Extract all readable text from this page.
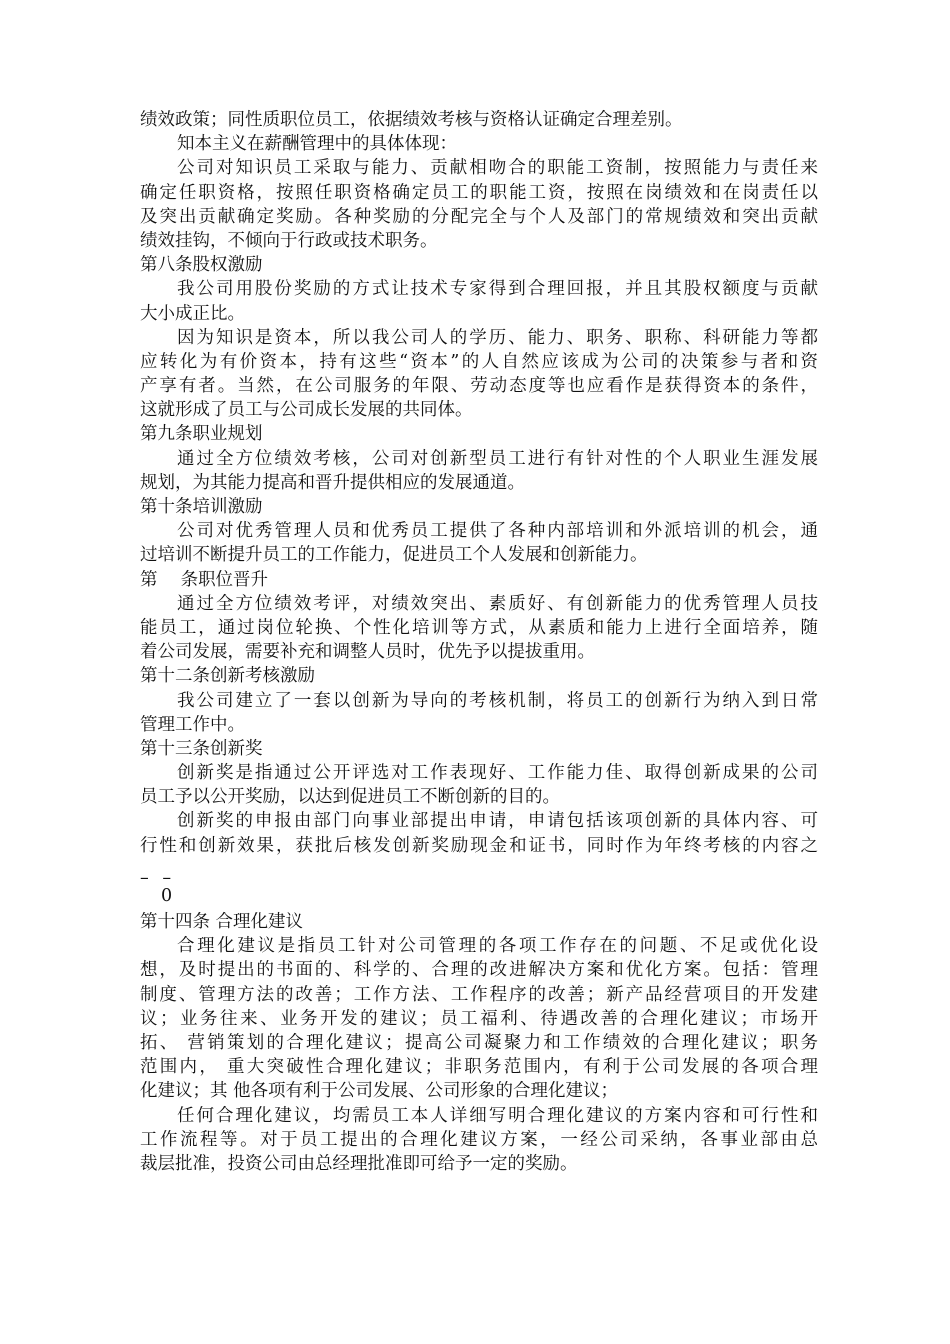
绩效政策；同性质职位员工，依据绩效考核与资格认证确定合理差别。
知本主义在薪酬管理中的具体体现：
公司对知识员工采取与能力、贡献相吻合的职能工资制，按照能力与责任来
确定任职资格，按照任职资格确定员工的职能工资，按照在岗绩效和在岗责任以
及突出贡献确定奖励。各种奖励的分配完全与个人及部门的常规绩效和突出贡献
绩效挂钩，不倾向于行政或技术职务。
第八条股权激励
我公司用股份奖励的方式让技术专家得到合理回报，并且其股权额度与贡献
大小成正比。
因为知识是资本，所以我公司人的学历、能力、职务、职称、科研能力等都
应转化为有价资本，持有这些“资本”的人自然应该成为公司的决策参与者和资
产享有者。当然，在公司服务的年限、劳动态度等也应看作是获得资本的条件，
这就形成了员工与公司成长发展的共同体。
第九条职业规划
通过全方位绩效考核，公司对创新型员工进行有针对性的个人职业生涯发展
规划，为其能力提高和晋升提供相应的发展通道。
第十条培训激励
公司对优秀管理人员和优秀员工提供了各种内部培训和外派培训的机会，通
过培训不断提升员工的工作能力，促进员工个人发展和创新能力。
第　 条职位晋升
通过全方位绩效考评，对绩效突出、素质好、有创新能力的优秀管理人员技
能员工，通过岗位轮换、个性化培训等方式，从素质和能力上进行全面培养，随
着公司发展，需要补充和调整人员时，优先予以提拔重用。
第十二条创新考核激励
我公司建立了一套以创新为导向的考核机制，将员工的创新行为纳入到日常
管理工作中。
第十三条创新奖
创新奖是指通过公开评选对工作表现好、工作能力佳、取得创新成果的公司
员工予以公开奖励，以达到促进员工不断创新的目的。
创新奖的申报由部门向事业部提出申请，申请包括该项创新的具体内容、可
行性和创新效果，获批后核发创新奖励现金和证书，同时作为年终考核的内容之
– –
0
第十四条 合理化建议
合理化建议是指员工针对公司管理的各项工作存在的问题、不足或优化设
想，及时提出的书面的、科学的、合理的改进解决方案和优化方案。包括：管理
制度、管理方法的改善；工作方法、工作程序的改善；新产品经营项目的开发建
议；业务往来、业务开发的建议；员工福利、待遇改善的合理化建议；市场开
拓、 营销策划的合理化建议；提高公司凝聚力和工作绩效的合理化建议；职务
范围内， 重大突破性合理化建议；非职务范围内，有利于公司发展的各项合理
化建议；其 他各项有利于公司发展、公司形象的合理化建议；
任何合理化建议，均需员工本人详细写明合理化建议的方案内容和可行性和
工作流程等。对于员工提出的合理化建议方案，一经公司采纳，各事业部由总
裁层批准，投资公司由总经理批准即可给予一定的奖励。
